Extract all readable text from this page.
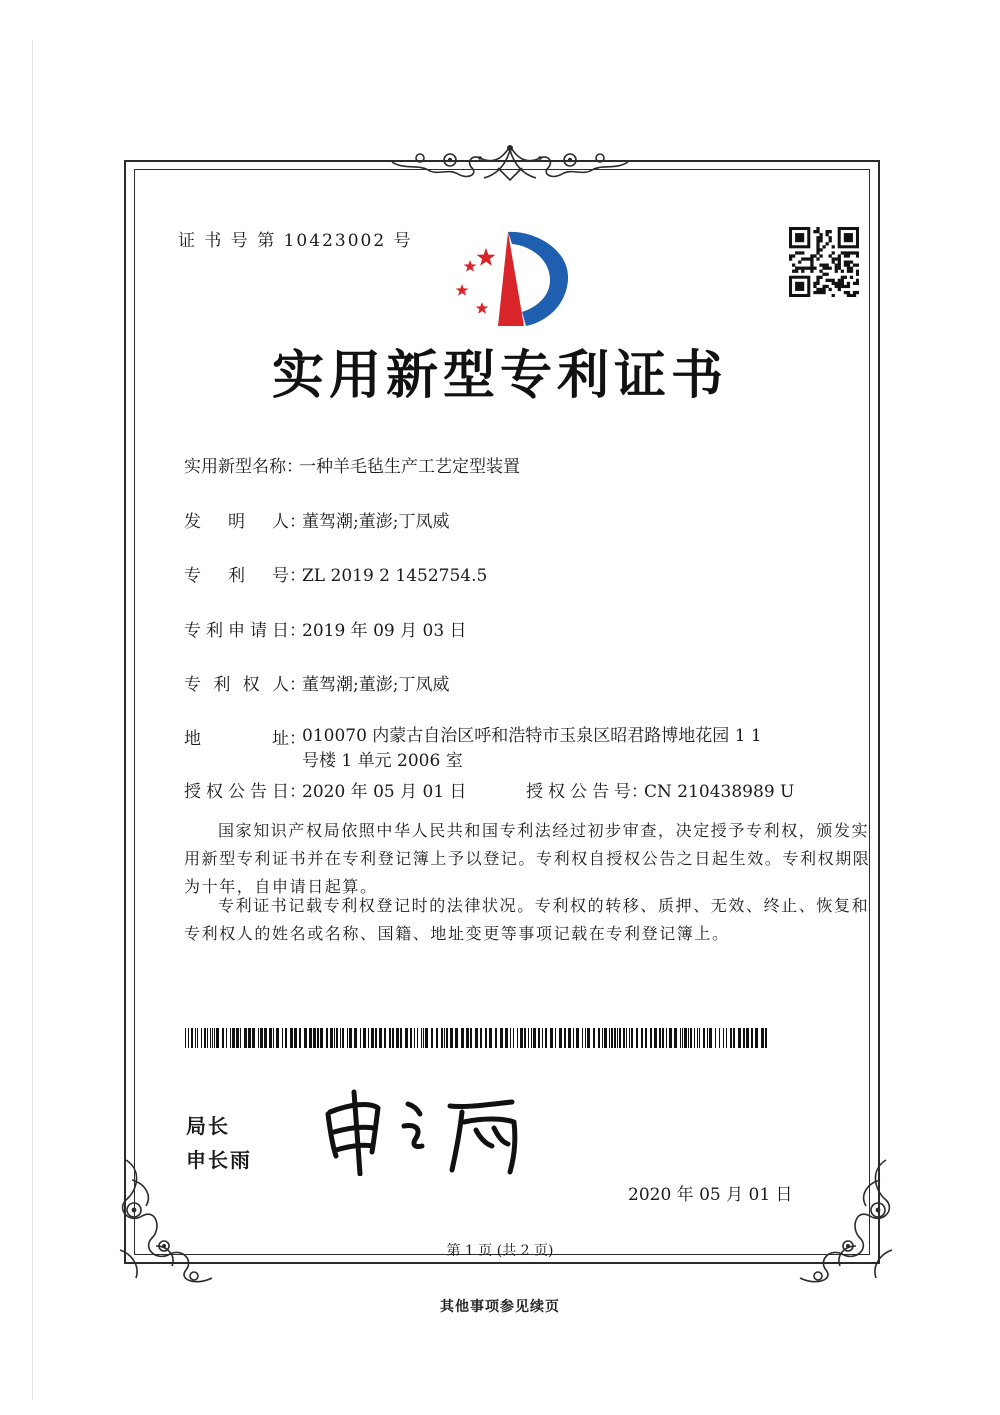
证 书 号 第 10423002 号
实用新型专利证书
实用新型名称：一种羊毛毡生产工艺定型装置
发明人：董驾潮;董澎;丁凤威
专利号：ZL 2019 2 1452754.5
专利申请日：2019 年 09 月 03 日
专利权人：董驾潮;董澎;丁凤威
地址：010070 内蒙古自治区呼和浩特市玉泉区昭君路博地花园 1 1 号楼 1 单元 2006 室
授权公告日：2020 年 05 月 01 日	授权公告号：CN 210438989 U
国家知识产权局依照中华人民共和国专利法经过初步审查，决定授予专利权，颁发实用新型专利证书并在专利登记簿上予以登记。专利权自授权公告之日起生效。专利权期限为十年，自申请日起算。
专利证书记载专利权登记时的法律状况。专利权的转移、质押、无效、终止、恢复和专利权人的姓名或名称、国籍、地址变更等事项记载在专利登记簿上。
局长
申长雨
2020 年 05 月 01 日
第 1 页 (共 2 页)
其他事项参见续页
